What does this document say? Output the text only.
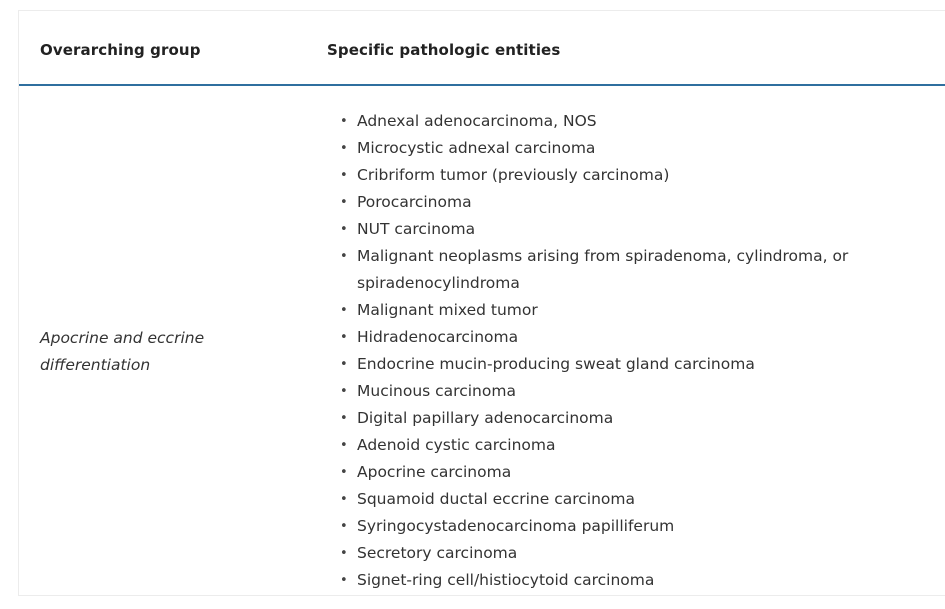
Overarching group	Specific pathologic entities
Apocrine and eccrine differentiation
• Adnexal adenocarcinoma, NOS
• Microcystic adnexal carcinoma
• Cribriform tumor (previously carcinoma)
• Porocarcinoma
• NUT carcinoma
• Malignant neoplasms arising from spiradenoma, cylindroma, or spiradenocylindroma
• Malignant mixed tumor
• Hidradenocarcinoma
• Endocrine mucin-producing sweat gland carcinoma
• Mucinous carcinoma
• Digital papillary adenocarcinoma
• Adenoid cystic carcinoma
• Apocrine carcinoma
• Squamoid ductal eccrine carcinoma
• Syringocystadenocarcinoma papilliferum
• Secretory carcinoma
• Signet-ring cell/histiocytoid carcinoma
